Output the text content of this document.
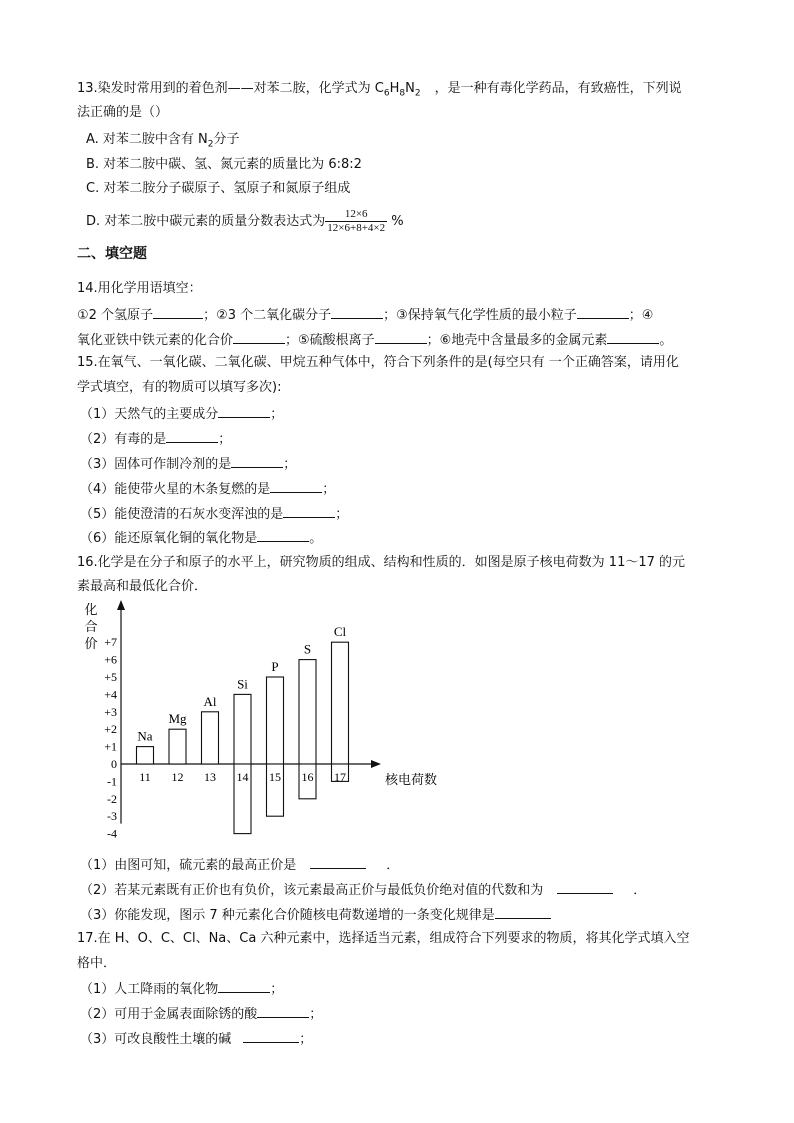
13.染发时常用到的着色剂——对苯二胺，化学式为 $C_6H_8N_2$ ，是一种有毒化学药品，有致癌性，下列说
法正确的是（）
A. 对苯二胺中含有 $N_2$分子
B. 对苯二胺中碳、氢、氮元素的质量比为 6:8:2
C. 对苯二胺分子碳原子、氢原子和氮原子组成
D. 对苯二胺中碳元素的质量分数表达式为 $\frac{12\times 6}{12\times 6+8+4\times 2}$ %
二、填空题
14.用化学用语填空：
①2 个氢原子	；②3 个二氧化碳分子	；③保持氧气化学性质的最小粒子	；④
氧化亚铁中铁元素的化合价	；⑤硫酸根离子	；⑥地壳中含量最多的金属元素	。
15.在氧气、一氧化碳、二氧化碳、甲烷五种气体中，符合下列条件的是(每空只有 一个正确答案，请用化
学式填空，有的物质可以填写多次):
（1）天然气的主要成分	；
（2）有毒的是	；
（3）固体可作制冷剂的是	；
（4）能使带火星的木条复燃的是	；
（5）能使澄清的石灰水变浑浊的是	；
（6）能还原氧化铜的氧化物是	。
16.化学是在分子和原子的水平上，研究物质的组成、结构和性质的．如图是原子核电荷数为 11～17 的元
素最高和最低化合价．
化
合
价
核电荷数
+7
+6
+5
+4
+3
+2
+1
0
-1
-2
-3
-4
11
Na
12
Mg
13
Al
14
Si
15
P
16
S
17
Cl
（1）由图可知，硫元素的最高正价是	．
（2）若某元素既有正价也有负价，该元素最高正价与最低负价绝对值的代数和为	．
（3）你能发现，图示 7 种元素化合价随核电荷数递增的一条变化规律是
17.在 H、O、C、Cl、Na、Ca 六种元素中，选择适当元素，组成符合下列要求的物质，将其化学式填入空
格中．
（1）人工降雨的氧化物	；
（2）可用于金属表面除锈的酸	；
（3）可改良酸性土壤的碱	；
